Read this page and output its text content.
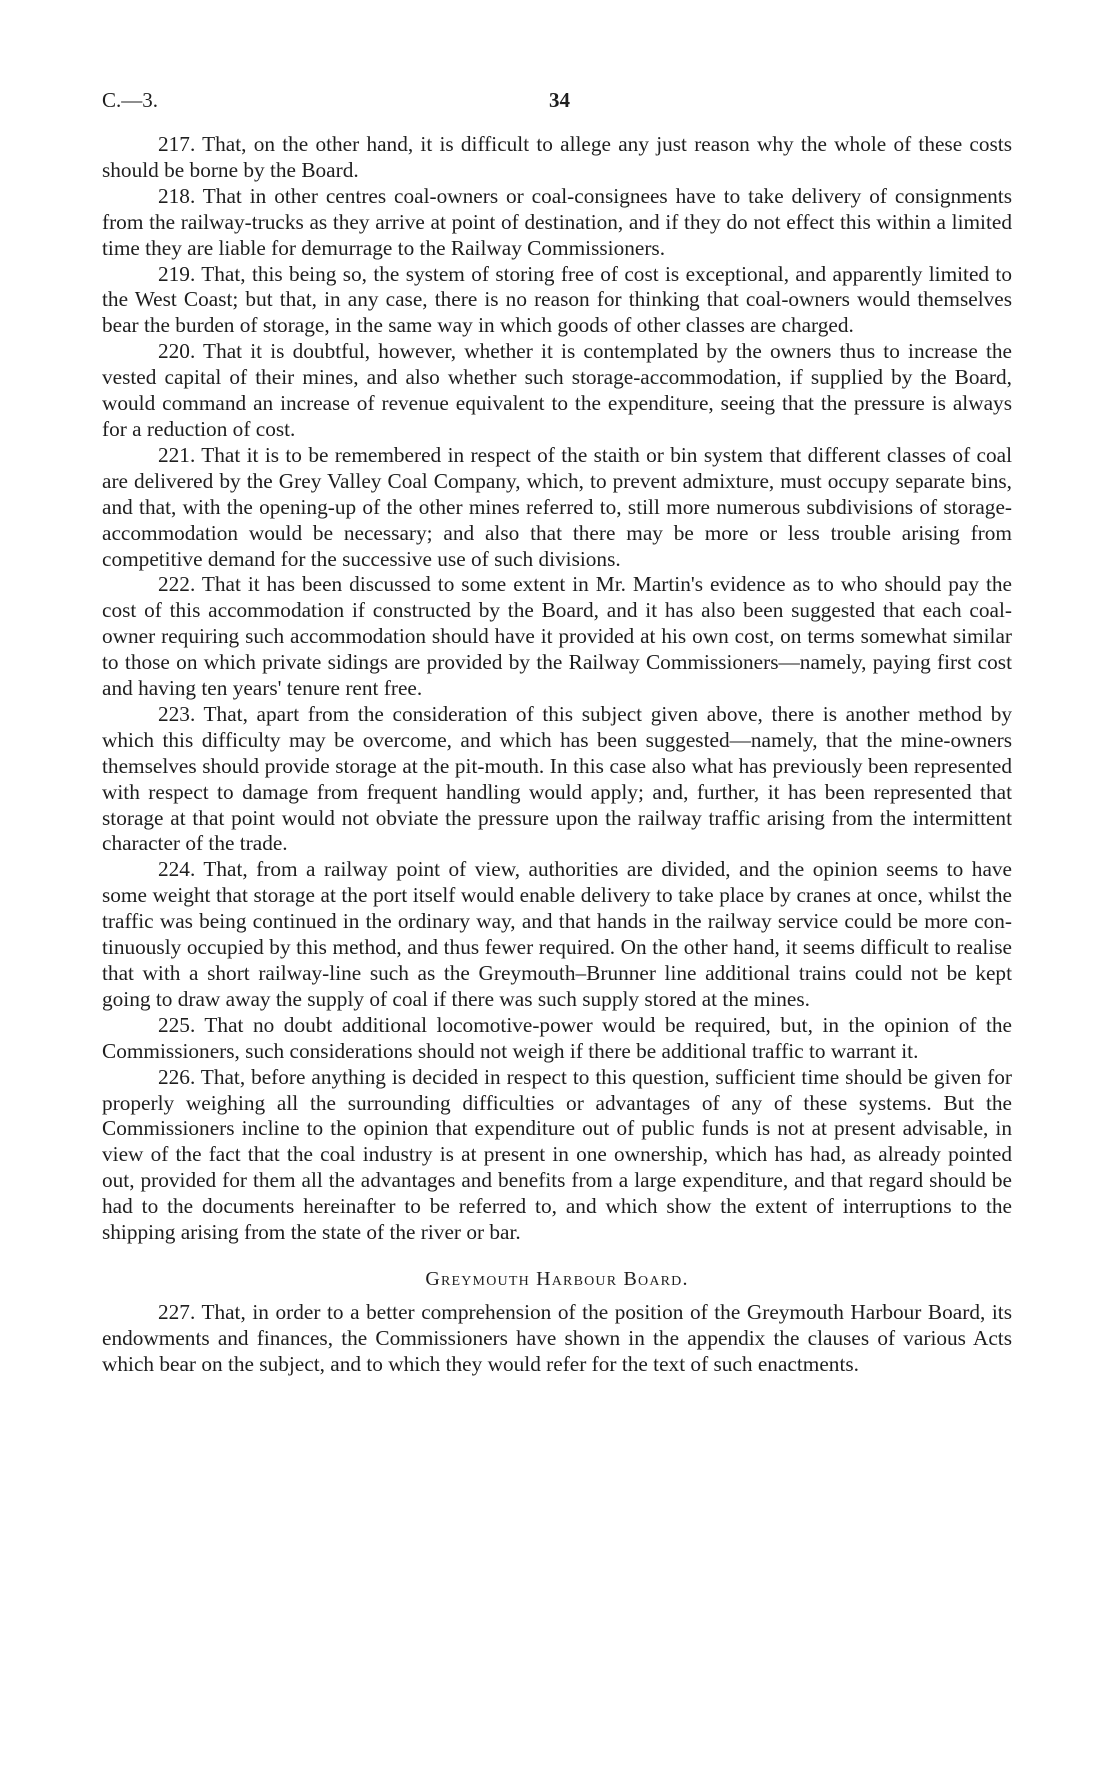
C.—3.	34

217. That, on the other hand, it is difficult to allege any just reason why the whole of these costs should be borne by the Board.

218. That in other centres coal-owners or coal-consignees have to take delivery of consignments from the railway-trucks as they arrive at point of destination, and if they do not effect this within a limited time they are liable for demurrage to the Railway Commissioners.

219. That, this being so, the system of storing free of cost is exceptional, and apparently limited to the West Coast; but that, in any case, there is no reason for thinking that coal-owners would themselves bear the burden of storage, in the same way in which goods of other classes are charged.

220. That it is doubtful, however, whether it is contemplated by the owners thus to increase the vested capital of their mines, and also whether such storage-accommodation, if supplied by the Board, would command an increase of revenue equivalent to the expenditure, seeing that the pressure is always for a reduction of cost.

221. That it is to be remembered in respect of the staith or bin system that different classes of coal are delivered by the Grey Valley Coal Company, which, to prevent admixture, must occupy separate bins, and that, with the opening-up of the other mines referred to, still more numerous subdivisions of storage-accommodation would be necessary; and also that there may be more or less trouble arising from competitive demand for the successive use of such divisions.

222. That it has been discussed to some extent in Mr. Martin's evidence as to who should pay the cost of this accommodation if constructed by the Board, and it has also been suggested that each coal-owner requiring such accommodation should have it provided at his own cost, on terms somewhat similar to those on which private sidings are provided by the Railway Commissioners—namely, paying first cost and having ten years' tenure rent free.

223. That, apart from the consideration of this subject given above, there is another method by which this difficulty may be overcome, and which has been suggested—namely, that the mine-owners themselves should provide storage at the pit-mouth. In this case also what has previously been represented with respect to damage from frequent handling would apply; and, further, it has been represented that storage at that point would not obviate the pressure upon the railway traffic arising from the intermittent character of the trade.

224. That, from a railway point of view, authorities are divided, and the opinion seems to have some weight that storage at the port itself would enable delivery to take place by cranes at once, whilst the traffic was being continued in the ordinary way, and that hands in the railway service could be more continuously occupied by this method, and thus fewer required. On the other hand, it seems difficult to realise that with a short railway-line such as the Greymouth–Brunner line additional trains could not be kept going to draw away the supply of coal if there was such supply stored at the mines.

225. That no doubt additional locomotive-power would be required, but, in the opinion of the Commissioners, such considerations should not weigh if there be additional traffic to warrant it.

226. That, before anything is decided in respect to this question, sufficient time should be given for properly weighing all the surrounding difficulties or advantages of any of these systems. But the Commissioners incline to the opinion that expenditure out of public funds is not at present advisable, in view of the fact that the coal industry is at present in one ownership, which has had, as already pointed out, provided for them all the advantages and benefits from a large expenditure, and that regard should be had to the documents hereinafter to be referred to, and which show the extent of interruptions to the shipping arising from the state of the river or bar.

Greymouth Harbour Board.

227. That, in order to a better comprehension of the position of the Greymouth Harbour Board, its endowments and finances, the Commissioners have shown in the appendix the clauses of various Acts which bear on the subject, and to which they would refer for the text of such enactments.
